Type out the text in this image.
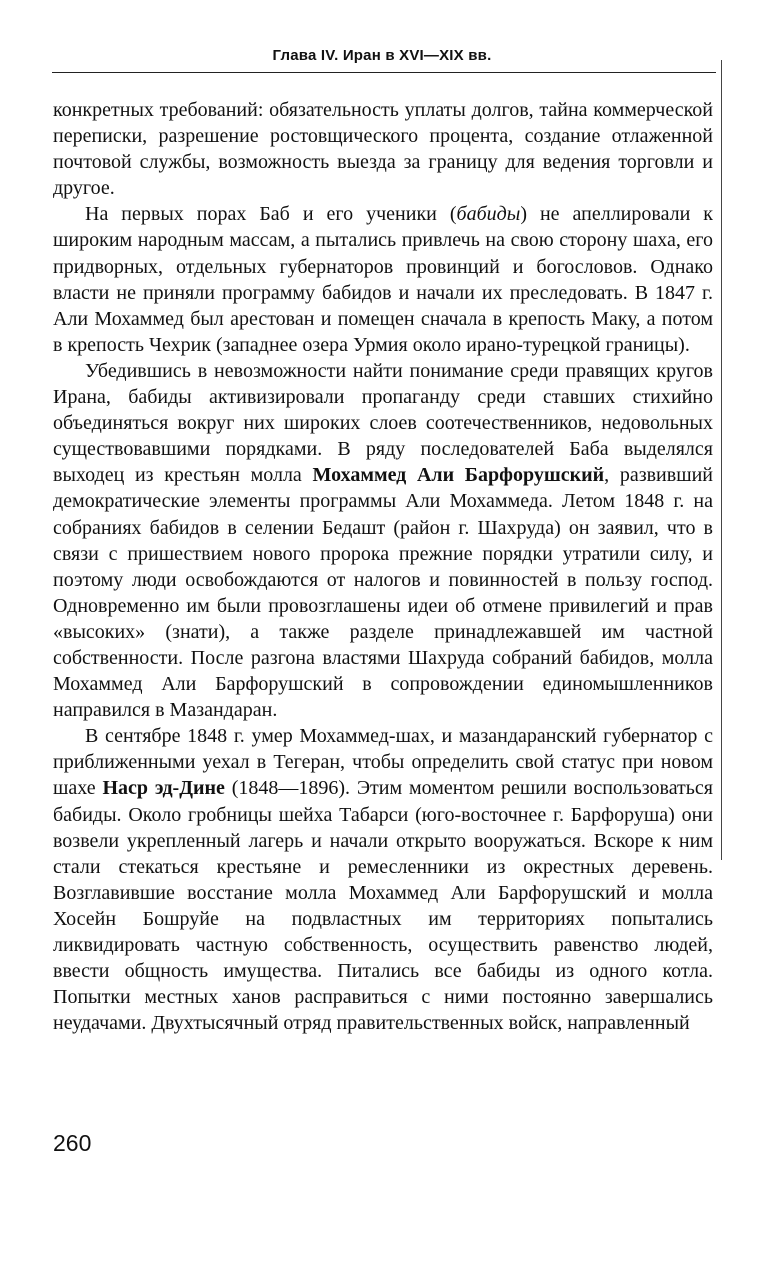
Глава IV. Иран в XVI—XIX вв.

конкретных требований: обязательность уплаты долгов, тайна коммерческой переписки, разрешение ростовщического процента, создание отлаженной почтовой службы, возможность выезда за границу для ведения торговли и другое.

На первых порах Баб и его ученики (бабиды) не апеллировали к широким народным массам, а пытались привлечь на свою сторону шаха, его придворных, отдельных губернаторов провинций и богословов. Однако власти не приняли программу бабидов и начали их преследовать. В 1847 г. Али Мохаммед был арестован и помещен сначала в крепость Маку, а потом в крепость Чехрик (западнее озера Урмия около ирано-турецкой границы).

Убедившись в невозможности найти понимание среди правящих кругов Ирана, бабиды активизировали пропаганду среди ставших стихийно объединяться вокруг них широких слоев соотечественников, недовольных существовавшими порядками. В ряду последователей Баба выделялся выходец из крестьян молла Мохаммед Али Барфорушский, развивший демократические элементы программы Али Мохаммеда. Летом 1848 г. на собраниях бабидов в селении Бедашт (район г. Шахруда) он заявил, что в связи с пришествием нового пророка прежние порядки утратили силу, и поэтому люди освобождаются от налогов и повинностей в пользу господ. Одновременно им были провозглашены идеи об отмене привилегий и прав «высоких» (знати), а также разделе принадлежавшей им частной собственности. После разгона властями Шахруда собраний бабидов, молла Мохаммед Али Барфорушский в сопровождении единомышленников направился в Мазандаран.

В сентябре 1848 г. умер Мохаммед-шах, и мазандаранский губернатор с приближенными уехал в Тегеран, чтобы определить свой статус при новом шахе Наср эд-Дине (1848—1896). Этим моментом решили воспользоваться бабиды. Около гробницы шейха Табарси (юго-восточнее г. Барфоруша) они возвели укрепленный лагерь и начали открыто вооружаться. Вскоре к ним стали стекаться крестьяне и ремесленники из окрестных деревень. Возглавившие восстание молла Мохаммед Али Барфорушский и молла Хосейн Бошруйе на подвластных им территориях попытались ликвидировать частную собственность, осуществить равенство людей, ввести общность имущества. Питались все бабиды из одного котла. Попытки местных ханов расправиться с ними постоянно завершались неудачами. Двухтысячный отряд правительственных войск, направленный

260
